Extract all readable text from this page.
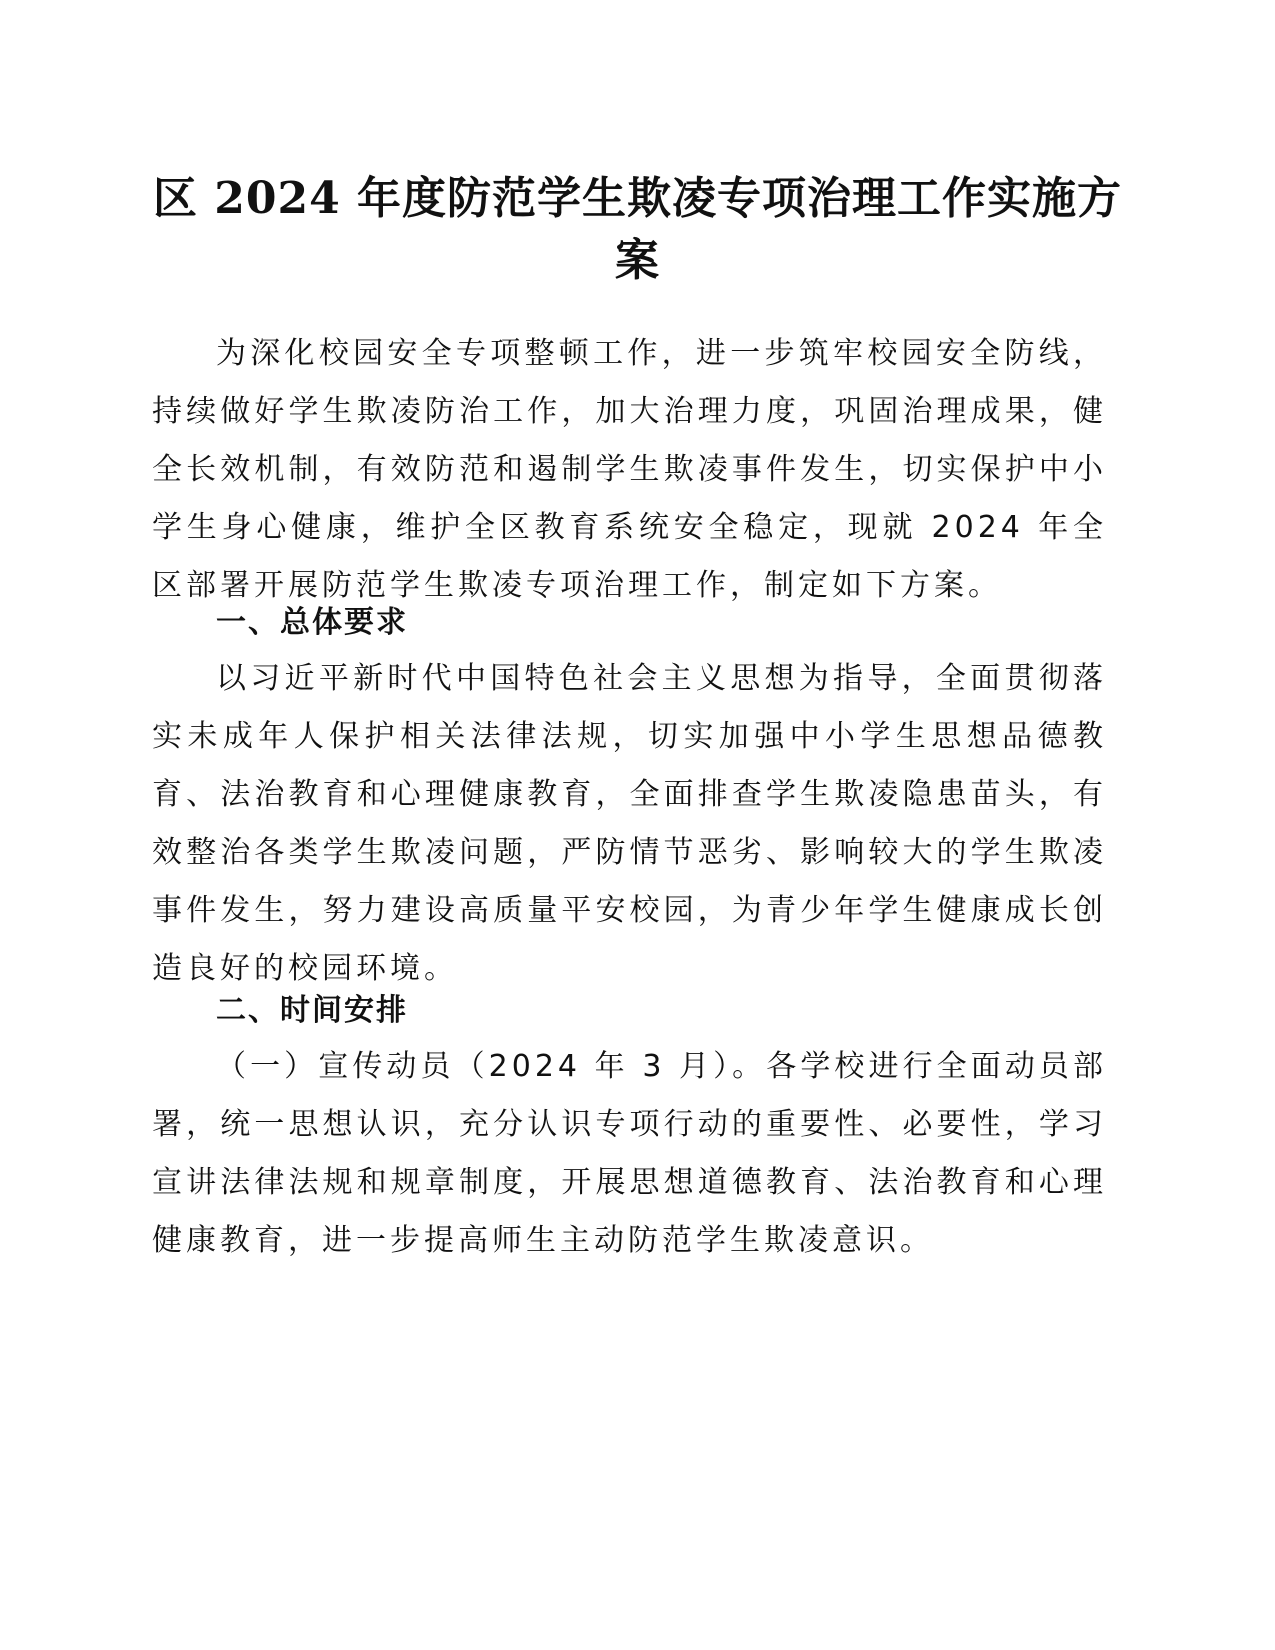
区 2024 年度防范学生欺凌专项治理工作实施方
案

为深化校园安全专项整顿工作，进一步筑牢校园安全防线，持续做好学生欺凌防治工作，加大治理力度，巩固治理成果，健全长效机制，有效防范和遏制学生欺凌事件发生，切实保护中小学生身心健康，维护全区教育系统安全稳定，现就 2024 年全区部署开展防范学生欺凌专项治理工作，制定如下方案。

一、总体要求

以习近平新时代中国特色社会主义思想为指导，全面贯彻落实未成年人保护相关法律法规，切实加强中小学生思想品德教育、法治教育和心理健康教育，全面排查学生欺凌隐患苗头，有效整治各类学生欺凌问题，严防情节恶劣、影响较大的学生欺凌事件发生，努力建设高质量平安校园，为青少年学生健康成长创造良好的校园环境。

二、时间安排

（一）宣传动员（2024 年 3 月）。各学校进行全面动员部署，统一思想认识，充分认识专项行动的重要性、必要性，学习宣讲法律法规和规章制度，开展思想道德教育、法治教育和心理健康教育，进一步提高师生主动防范学生欺凌意识。
